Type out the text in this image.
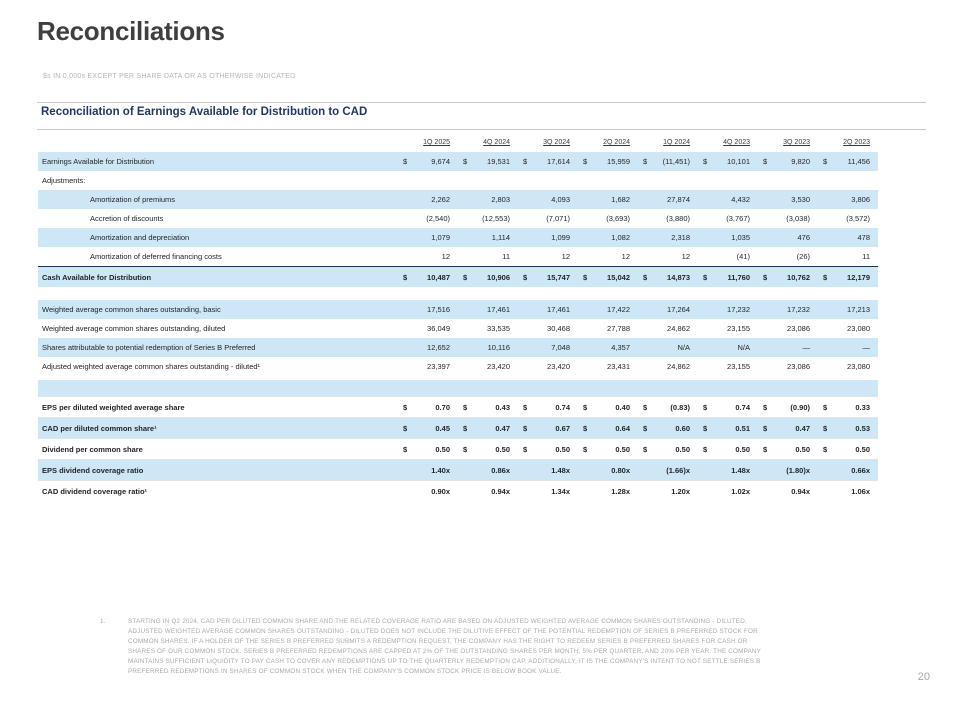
Reconciliations
$s IN 0,000s EXCEPT PER SHARE DATA OR AS OTHERWISE INDICATED
Reconciliation of Earnings Available for Distribution to CAD
1Q 2025	4Q 2024	3Q 2024	2Q 2024	1Q 2024	4Q 2023	3Q 2023	2Q 2023
Earnings Available for Distribution	$	9,674 $	19,531 $	17,614 $	15,959 $ (11,451) $	10,101 $	9,820 $	11,456
Adjustments:
Amortization of premiums	2,262	2,803	4,093	1,682	27,874	4,432	3,530	3,806
Accretion of discounts	(2,540)	(12,553)	(7,071)	(3,693)	(3,880)	(3,767)	(3,038)	(3,572)
Amortization and depreciation	1,079	1,114	1,099	1,082	2,318	1,035	476	478
Amortization of deferred financing costs	12	11	12	12	12	(41)	(26)	11
Cash Available for Distribution	$	10,487 $	10,906 $	15,747 $	15,042 $	14,873 $	11,760 $	10,762 $	12,179
Weighted average common shares outstanding, basic	17,516	17,461	17,461	17,422	17,264	17,232	17,232	17,213
Weighted average common shares outstanding, diluted	36,049	33,535	30,468	27,788	24,862	23,155	23,086	23,080
Shares attributable to potential redemption of Series B Preferred	12,652	10,116	7,048	4,357	N/A	N/A	—	—
Adjusted weighted average common shares outstanding - diluted¹	23,397	23,420	23,420	23,431	24,862	23,155	23,086	23,080
EPS per diluted weighted average share	$	0.70 $	0.43 $	0.74 $	0.40 $	(0.83) $	0.74 $	(0.90) $	0.33
CAD per diluted common share¹	$	0.45 $	0.47 $	0.67 $	0.64 $	0.60 $	0.51 $	0.47 $	0.53
Dividend per common share	$	0.50 $	0.50 $	0.50 $	0.50 $	0.50 $	0.50 $	0.50 $	0.50
EPS dividend coverage ratio	1.40x	0.86x	1.48x	0.80x	(1.66)x	1.48x	(1.80)x	0.66x
CAD dividend coverage ratio¹	0.90x	0.94x	1.34x	1.28x	1.20x	1.02x	0.94x	1.06x
1.	STARTING IN Q2 2024, CAD PER DILUTED COMMON SHARE AND THE RELATED COVERAGE RATIO ARE BASED ON ADJUSTED WEIGHTED AVERAGE COMMON SHARES OUTSTANDING - DILUTED. ADJUSTED WEIGHTED AVERAGE COMMON SHARES OUTSTANDING - DILUTED DOES NOT INCLUDE THE DILUTIVE EFFECT OF THE POTENTIAL REDEMPTION OF SERIES B PREFERRED STOCK FOR COMMON SHARES. IF A HOLDER OF THE SERIES B PREFERRED SUBMITS A REDEMPTION REQUEST, THE COMPANY HAS THE RIGHT TO REDEEM SERIES B PREFERRED SHARES FOR CASH OR SHARES OF OUR COMMON STOCK. SERIES B PREFERRED REDEMPTIONS ARE CAPPED AT 2% OF THE OUTSTANDING SHARES PER MONTH, 5% PER QUARTER, AND 20% PER YEAR. THE COMPANY MAINTAINS SUFFICIENT LIQUIDITY TO PAY CASH TO COVER ANY REDEMPTIONS UP TO THE QUARTERLY REDEMPTION CAP. ADDITIONALLY, IT IS THE COMPANY'S INTENT TO NOT SETTLE SERIES B PREFERRED REDEMPTIONS IN SHARES OF COMMON STOCK WHEN THE COMPANY'S COMMON STOCK PRICE IS BELOW BOOK VALUE.	20
